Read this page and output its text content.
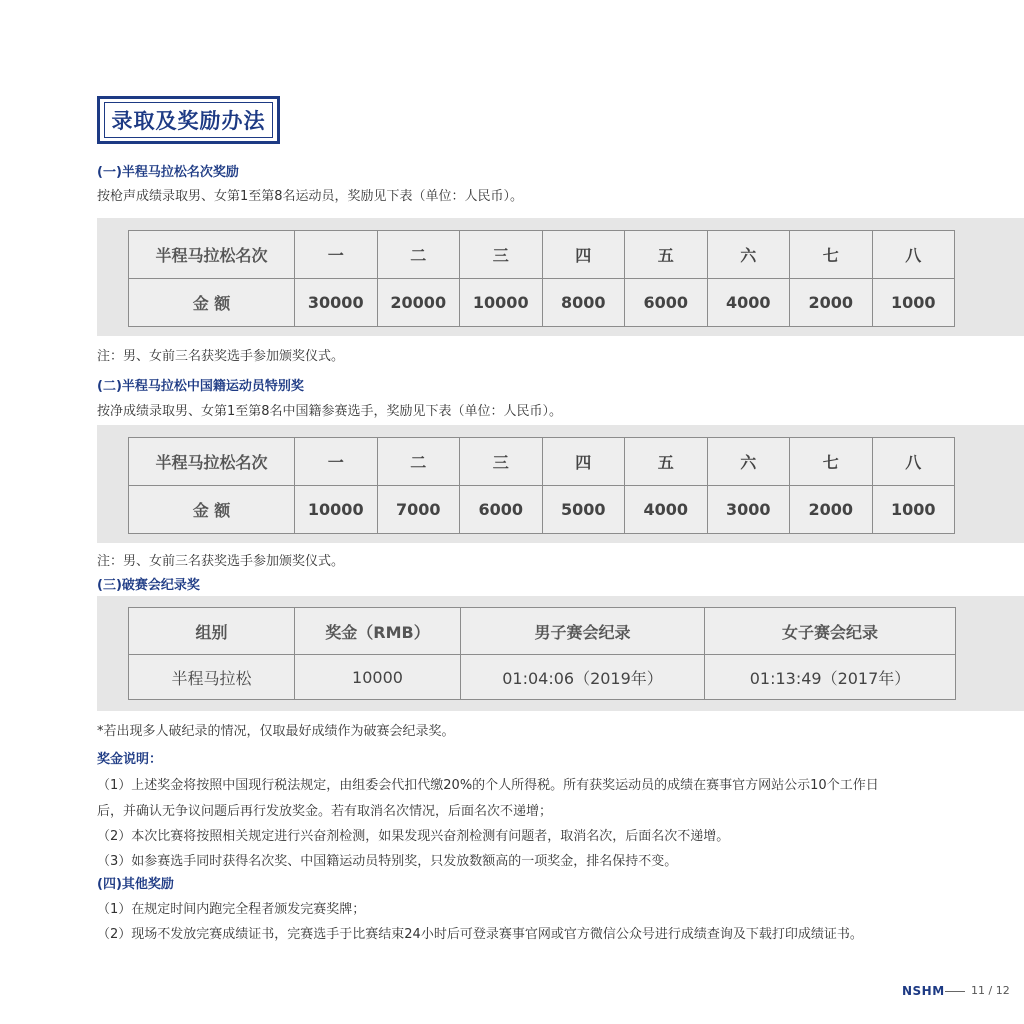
录取及奖励办法
(一)半程马拉松名次奖励
按枪声成绩录取男、女第1至第8名运动员，奖励见下表（单位：人民币）。
半程马拉松名次	一	二	三	四	五	六	七	八
金 额	30000	20000	10000	8000	6000	4000	2000	1000
注：男、女前三名获奖选手参加颁奖仪式。
(二)半程马拉松中国籍运动员特别奖
按净成绩录取男、女第1至第8名中国籍参赛选手，奖励见下表（单位：人民币）。
半程马拉松名次	一	二	三	四	五	六	七	八
金 额	10000	7000	6000	5000	4000	3000	2000	1000
注：男、女前三名获奖选手参加颁奖仪式。
(三)破赛会纪录奖
组别	奖金（RMB）	男子赛会纪录	女子赛会纪录
半程马拉松	10000	01:04:06（2019年）	01:13:49（2017年）
*若出现多人破纪录的情况，仅取最好成绩作为破赛会纪录奖。
奖金说明：
（1）上述奖金将按照中国现行税法规定，由组委会代扣代缴20%的个人所得税。所有获奖运动员的成绩在赛事官方网站公示10个工作日
后，并确认无争议问题后再行发放奖金。若有取消名次情况，后面名次不递增；
（2）本次比赛将按照相关规定进行兴奋剂检测，如果发现兴奋剂检测有问题者，取消名次，后面名次不递增。
（3）如参赛选手同时获得名次奖、中国籍运动员特别奖，只发放数额高的一项奖金，排名保持不变。
(四)其他奖励
（1）在规定时间内跑完全程者颁发完赛奖牌；
（2）现场不发放完赛成绩证书，完赛选手于比赛结束24小时后可登录赛事官网或官方微信公众号进行成绩查询及下载打印成绩证书。
NSHM 11 / 12
